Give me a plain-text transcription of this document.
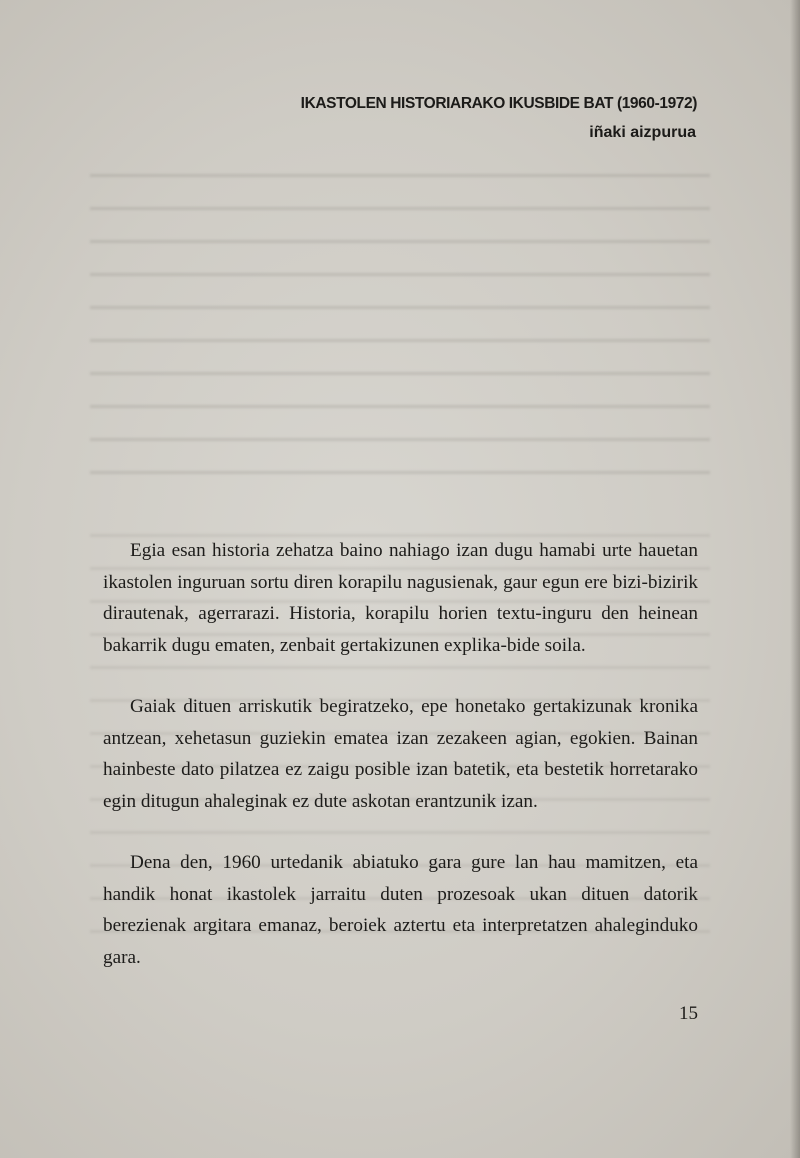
IKASTOLEN HISTORIARAKO IKUSBIDE BAT (1960-1972)
iñaki aizpurua

Egia esan historia zehatza baino nahiago izan dugu hamabi urte hauetan ikastolen inguruan sortu diren korapilu nagusienak, gaur egun ere bizi-bizirik dirautenak, agerrarazi. Historia, korapilu horien textu-inguru den heinean bakarrik dugu ematen, zenbait gertakizunen explika-bide soila.

Gaiak dituen arriskutik begiratzeko, epe honetako gertakizunak kronika antzean, xehetasun guziekin ematea izan zezakeen agian, egokien. Bainan hainbeste dato pilatzea ez zaigu posible izan batetik, eta bestetik horretarako egin ditugun ahaleginak ez dute askotan erantzunik izan.

Dena den, 1960 urtedanik abiatuko gara gure lan hau mamitzen, eta handik honat ikastolek jarraitu duten prozesoak ukan dituen datorik berezienak argitara emanaz, beroiek aztertu eta interpretatzen ahaleginduko gara.

15
